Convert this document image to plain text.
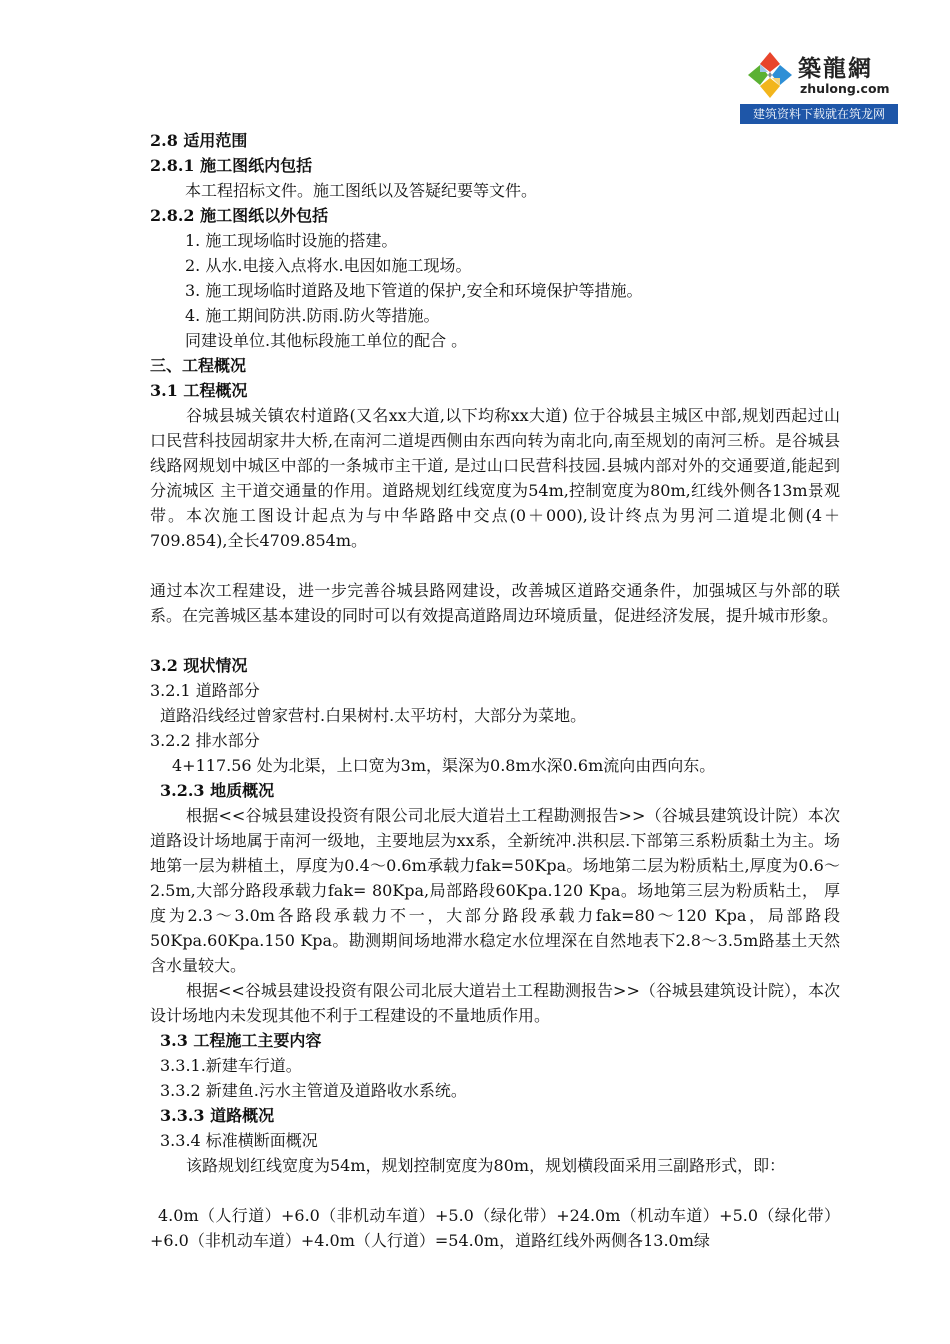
築龍網
zhulong.com
建筑资料下载就在筑龙网
2.8 适用范围
2.8.1 施工图纸内包括
本工程招标文件。施工图纸以及答疑纪要等文件。
2.8.2 施工图纸以外包括
1. 施工现场临时设施的搭建。
2. 从水.电接入点将水.电因如施工现场。
3. 施工现场临时道路及地下管道的保护,安全和环境保护等措施。
4. 施工期间防洪.防雨.防火等措施。
同建设单位.其他标段施工单位的配合 。
三、工程概况
3.1 工程概况
谷城县城关镇农村道路(又名xx大道,以下均称xx大道) 位于谷城县主城区中部,规划西起过山口民营科技园胡家井大桥,在南河二道堤西侧由东西向转为南北向,南至规划的南河三桥。是谷城县线路网规划中城区中部的一条城市主干道, 是过山口民营科技园.县城内部对外的交通要道,能起到分流城区 主干道交通量的作用。道路规划红线宽度为54m,控制宽度为80m,红线外侧各13m景观带。本次施工图设计起点为与中华路路中交点(0＋000),设计终点为男河二道堤北侧(4＋709.854),全长4709.854m。
通过本次工程建设，进一步完善谷城县路网建设，改善城区道路交通条件，加强城区与外部的联系。在完善城区基本建设的同时可以有效提高道路周边环境质量，促进经济发展，提升城市形象。
3.2 现状情况
3.2.1 道路部分
道路沿线经过曾家营村.白果树村.太平坊村，大部分为菜地。
3.2.2 排水部分
4+117.56 处为北渠，上口宽为3m，渠深为0.8m水深0.6m流向由西向东。
3.2.3 地质概况
根据<<谷城县建设投资有限公司北辰大道岩土工程勘测报告>>（谷城县建筑设计院）本次道路设计场地属于南河一级地，主要地层为xx系，全新统冲.洪积层.下部第三系粉质黏土为主。场地第一层为耕植土，厚度为0.4～0.6m承载力fak=50Kpa。场地第二层为粉质粘土,厚度为0.6～2.5m,大部分路段承载力fak= 80Kpa,局部路段60Kpa.120 Kpa。场地第三层为粉质粘土， 厚度为2.3～3.0m各路段承载力不一，大部分路段承载力fak=80～120 Kpa，局部路段50Kpa.60Kpa.150 Kpa。勘测期间场地滞水稳定水位埋深在自然地表下2.8～3.5m路基土天然含水量较大。
根据<<谷城县建设投资有限公司北辰大道岩土工程勘测报告>>（谷城县建筑设计院），本次设计场地内未发现其他不利于工程建设的不量地质作用。
3.3 工程施工主要内容
3.3.1.新建车行道。
3.3.2 新建鱼.污水主管道及道路收水系统。
3.3.3 道路概况
3.3.4 标准横断面概况
该路规划红线宽度为54m，规划控制宽度为80m，规划横段面采用三副路形式，即：
4.0m（人行道）+6.0（非机动车道）+5.0（绿化带）+24.0m（机动车道）+5.0（绿化带）+6.0（非机动车道）+4.0m（人行道）=54.0m，道路红线外两侧各13.0m绿
